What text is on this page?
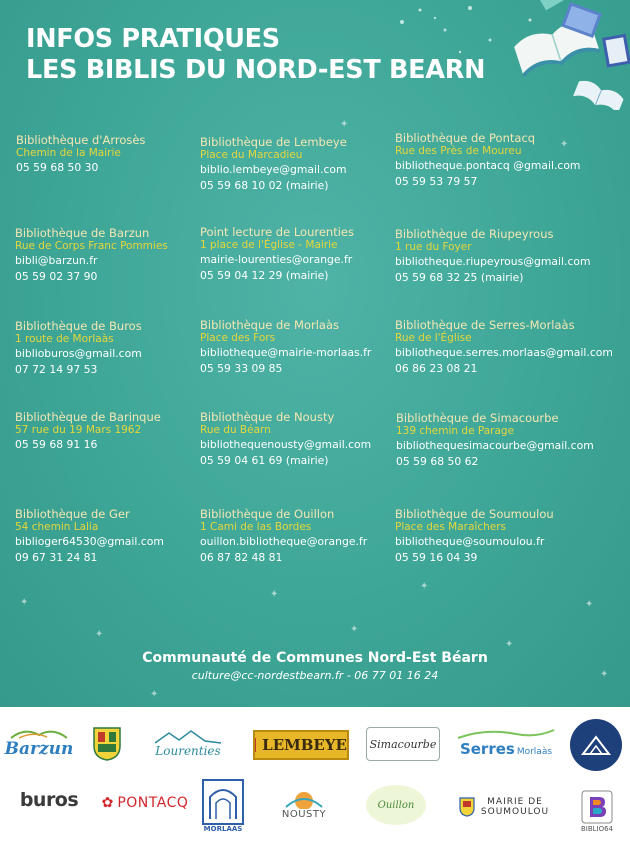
✦
✦
✦
✦
✦
✦
✦
✦
✦
✦
✦
INFOS PRATIQUES
LES BIBLIS DU NORD-EST BEARN
Bibliothèque d'Arrosès
Chemin de la Mairie
05 59 68 50 30
Bibliothèque de Lembeye
Place du Marcadieu
biblio.lembeye@gmail.com
05 59 68 10 02 (mairie)
Bibliothèque de Pontacq
Rue des Près de Moureu
bibliotheque.pontacq @gmail.com
05 59 53 79 57
Bibliothèque de Barzun
Rue de Corps Franc Pommies
bibli@barzun.fr
05 59 02 37 90
Point lecture de Lourenties
1 place de l'Église - Mairie
mairie-lourenties@orange.fr
05 59 04 12 29 (mairie)
Bibliothèque de Riupeyrous
1 rue du Foyer
bibliotheque.riupeyrous@gmail.com
05 59 68 32 25 (mairie)
Bibliothèque de Buros
1 route de Morlaàs
biblioburos@gmail.com
07 72 14 97 53
Bibliothèque de Morlaàs
Place des Fors
bibliotheque@mairie-morlaas.fr
05 59 33 09 85
Bibliothèque de Serres-Morlaàs
Rue de l'Église
bibliotheque.serres.morlaas@gmail.com
06 86 23 08 21
Bibliothèque de Barinque
57 rue du 19 Mars 1962
05 59 68 91 16
Bibliothèque de Nousty
Rue du Béarn
bibliothequenousty@gmail.com
05 59 04 61 69 (mairie)
Bibliothèque de Simacourbe
139 chemin de Parage
bibliothequesimacourbe@gmail.com
05 59 68 50 62
Bibliothèque de Ger
54 chemin Lalia
biblioger64530@gmail.com
09 67 31 24 81
Bibliothèque de Ouillon
1 Cami de las Bordes
ouillon.bibliotheque@orange.fr
06 87 82 48 81
Bibliothèque de Soumoulou
Place des Maraîchers
bibliotheque@soumoulou.fr
05 59 16 04 39
Communauté de Communes Nord-Est Béarn
culture@cc-nordestbearn.fr - 06 77 01 16 24
Barzun	Lourenties	LEMBEYE Simacourbe Serres Morlaàs
buros ✿ PONTACQ
MORLAÀS
NOUSTY
Ouillon	MAIRIE DE
SOUMOULOU
BIBLIO64
